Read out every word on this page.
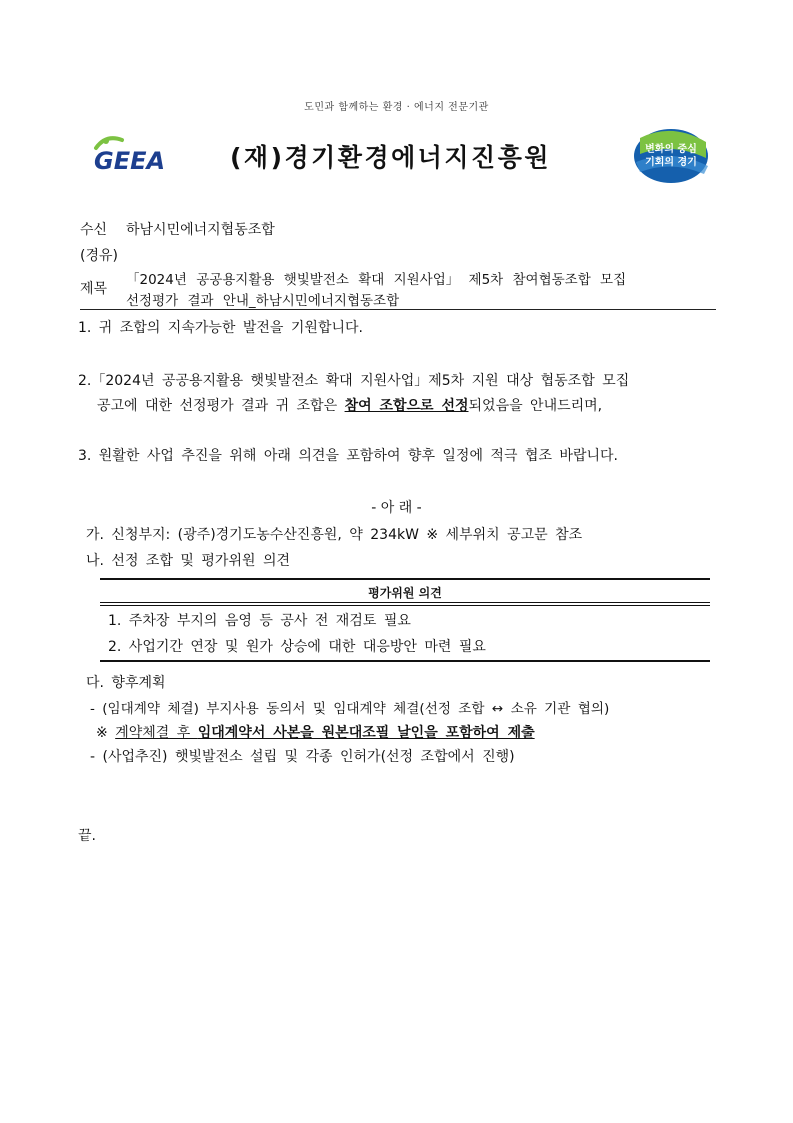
도민과 함께하는 환경 · 에너지 전문기관
GEEA	(재)경기환경에너지진흥원	변화의 중심
기회의 경기
수신 하남시민에너지협동조합
(경유)
제목
「2024년 공공용지활용 햇빛발전소 확대 지원사업」 제5차 참여협동조합 모집
선정평가 결과 안내_하남시민에너지협동조합
1. 귀 조합의 지속가능한 발전을 기원합니다.
2.「2024년 공공용지활용 햇빛발전소 확대 지원사업」제5차 지원 대상 협동조합 모집
공고에 대한 선정평가 결과 귀 조합은 참여 조합으로 선정되었음을 안내드리며,
3. 원활한 사업 추진을 위해 아래 의견을 포함하여 향후 일정에 적극 협조 바랍니다.
- 아 래 -
가. 신청부지: (광주)경기도농수산진흥원, 약 234kW ※ 세부위치 공고문 참조
나. 선정 조합 및 평가위원 의견
평가위원 의견
1. 주차장 부지의 음영 등 공사 전 재검토 필요
2. 사업기간 연장 및 원가 상승에 대한 대응방안 마련 필요
다. 향후계획
- (임대계약 체결) 부지사용 동의서 및 임대계약 체결(선정 조합 ↔ 소유 기관 협의)
※ 계약체결 후 임대계약서 사본을 원본대조필 날인을 포함하여 제출
- (사업추진) 햇빛발전소 설립 및 각종 인허가(선정 조합에서 진행)
끝.
